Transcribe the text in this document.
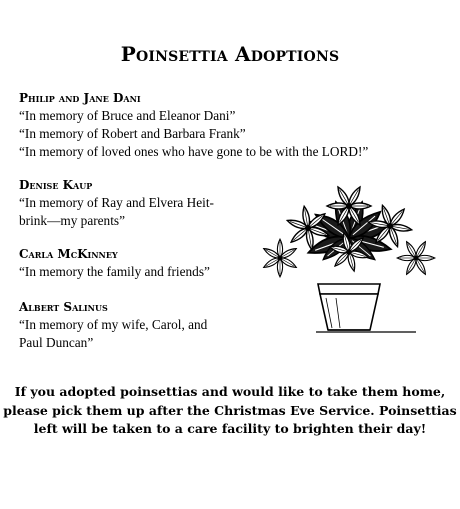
Poinsettia Adoptions
Philip and Jane Dani
“In memory of Bruce and Eleanor Dani”
“In memory of Robert and Barbara Frank”
“In memory of loved ones who have gone to be with the LORD!”
Denise Kaup
“In memory of Ray and Elvera Heit-
brink—my parents”
Carla McKinney
“In memory the family and friends”
Albert Salinus
“In memory of my wife, Carol, and
Paul Duncan”
If you adopted poinsettias and would like to take them home,
please pick them up after the Christmas Eve Service. Poinsettias
left will be taken to a care facility to brighten their day!
